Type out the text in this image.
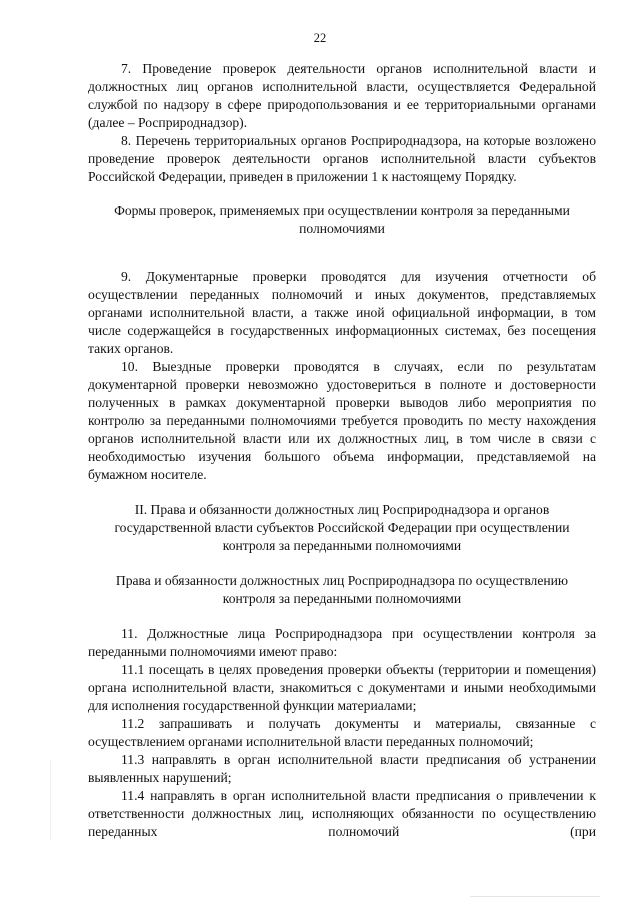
22

7. Проведение проверок деятельности органов исполнительной власти и должностных лиц органов исполнительной власти, осуществляется Федеральной службой по надзору в сфере природопользования и ее территориальными органами (далее – Росприроднадзор).

8. Перечень территориальных органов Росприроднадзора, на которые возложено проведение проверок деятельности органов исполнительной власти субъектов Российской Федерации, приведен в приложении 1 к настоящему Порядку.

Формы проверок, применяемых при осуществлении контроля за переданными полномочиями

9. Документарные проверки проводятся для изучения отчетности об осуществлении переданных полномочий и иных документов, представляемых органами исполнительной власти, а также иной официальной информации, в том числе содержащейся в государственных информационных системах, без посещения таких органов.

10. Выездные проверки проводятся в случаях, если по результатам документарной проверки невозможно удостовериться в полноте и достоверности полученных в рамках документарной проверки выводов либо мероприятия по контролю за переданными полномочиями требуется проводить по месту нахождения органов исполнительной власти или их должностных лиц, в том числе в связи с необходимостью изучения большого объема информации, представляемой на бумажном носителе.

II. Права и обязанности должностных лиц Росприроднадзора и органов государственной власти субъектов Российской Федерации при осуществлении контроля за переданными полномочиями

Права и обязанности должностных лиц Росприроднадзора по осуществлению контроля за переданными полномочиями

11. Должностные лица Росприроднадзора при осуществлении контроля за переданными полномочиями имеют право:

11.1 посещать в целях проведения проверки объекты (территории и помещения) органа исполнительной власти, знакомиться с документами и иными необходимыми для исполнения государственной функции материалами;

11.2 запрашивать и получать документы и материалы, связанные с осуществлением органами исполнительной власти переданных полномочий;

11.3 направлять в орган исполнительной власти предписания об устранении выявленных нарушений;

11.4 направлять в орган исполнительной власти предписания о привлечении к ответственности должностных лиц, исполняющих обязанности по осуществлению переданных полномочий (при
